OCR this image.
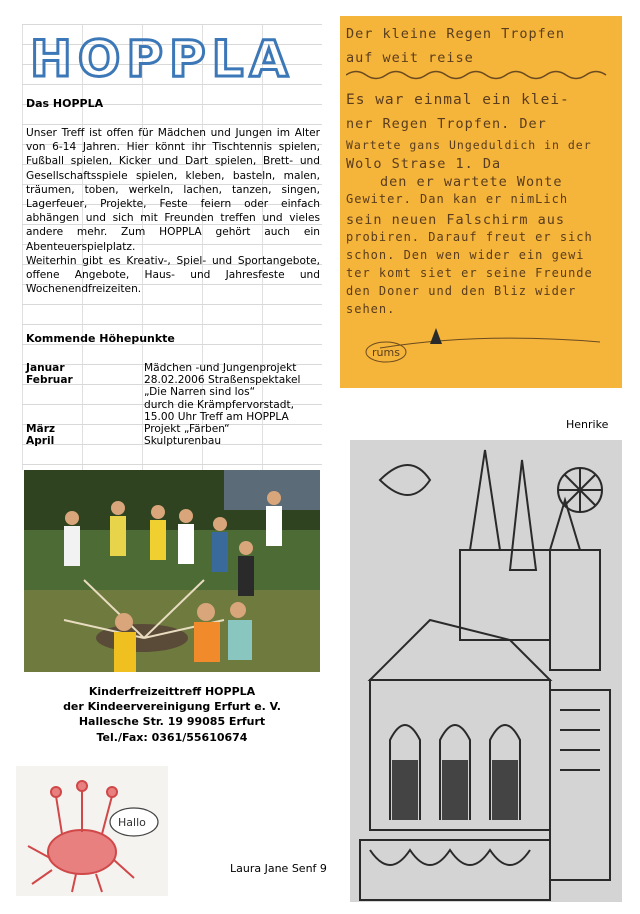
HOPPLA
Das HOPPLA

Unser Treff ist offen für Mädchen und Jungen im Alter von 6-14 Jahren. Hier könnt ihr Tischtennis spielen, Fußball spielen, Kicker und Dart spielen, Brett- und Gesellschaftsspiele spielen, kleben, basteln, malen, träumen, toben, werkeln, lachen, tanzen, singen, Lagerfeuer, Projekte, Feste feiern oder einfach abhängen und sich mit Freunden treffen und vieles andere mehr. Zum HOPPLA gehört auch ein Abenteuerspielplatz.

Weiterhin gibt es Kreativ-, Spiel- und Sportangebote, offene Angebote, Haus- und Jahresfeste und Wochenendfreizeiten.

Kommende Höhepunkte
Januar	Mädchen -und Jungenprojekt

Februar	28.02.2006 Straßenspektakel
„Die Narren sind los“
durch die Krämpfervorstadt,
15.00 Uhr Treff am HOPPLA

März	Projekt „Färben“

April	Skulpturenbau
Kinderfreizeittreff HOPPLA
der Kindeervereinigung Erfurt e. V.
Hallesche Str. 19 99085 Erfurt
Tel./Fax: 0361/55610674
Der kleine Regen Tropfen
auf weit reise
Es war einmal ein klei-
ner Regen Tropfen. Der
Wartete gans Ungeduldich in der
Wolo Strase 1. Da
den er wartete Wonte
Gewiter. Dan kan er nimLich
sein neuen Falschirm aus
probiren. Darauf freut er sich
schon. Den wen wider ein gewi
ter komt siet er seine Freunde
den Doner und den Bliz wider
sehen.
rums
Henrike
Laura Jane Senf 9
Hallo
